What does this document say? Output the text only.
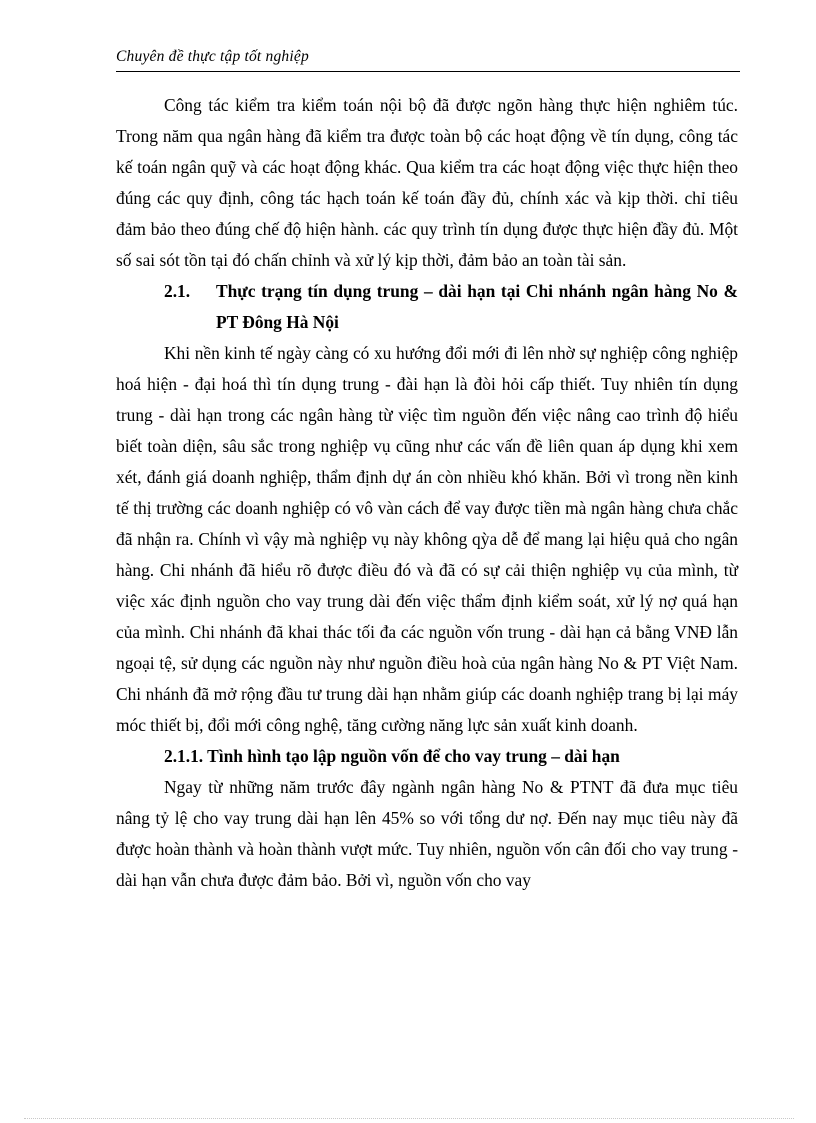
Chuyên đề thực tập tốt nghiệp

Công tác kiểm tra kiểm toán nội bộ đã được ngõn hàng thực hiện nghiêm túc. Trong năm qua ngân hàng đã kiểm tra được toàn bộ các hoạt động về tín dụng, công tác kế toán ngân quỹ và các hoạt động khác. Qua kiểm tra các hoạt động việc thực hiện theo đúng các quy định, công tác hạch toán kế toán đầy đủ, chính xác và kịp thời. chỉ tiêu đảm bảo theo đúng chế độ hiện hành. các quy trình tín dụng được thực hiện đầy đủ. Một số sai sót tồn tại đó chấn chỉnh và xử lý kịp thời, đảm bảo an toàn tài sản.

2.1.	Thực trạng tín dụng trung – dài hạn tại Chi nhánh ngân hàng No & PT Đông Hà Nội

Khi nền kinh tế ngày càng có xu hướng đổi mới đi lên nhờ sự nghiệp công nghiệp hoá hiện - đại hoá thì tín dụng trung - đài hạn là đòi hỏi cấp thiết. Tuy nhiên tín dụng trung - dài hạn trong các ngân hàng từ việc tìm nguồn đến việc nâng cao trình độ hiểu biết toàn diện, sâu sắc trong nghiệp vụ cũng như các vấn đề liên quan áp dụng khi xem xét, đánh giá doanh nghiệp, thẩm định dự án còn nhiều khó khăn. Bởi vì trong nền kinh tế thị trường các doanh nghiệp có vô vàn cách để vay được tiền mà ngân hàng chưa chắc đã nhận ra. Chính vì vậy mà nghiệp vụ này không qỳa dễ để mang lại hiệu quả cho ngân hàng. Chi nhánh đã hiểu rõ được điều đó và đã có sự cải thiện nghiệp vụ của mình, từ việc xác định nguồn cho vay trung dài đến việc thẩm định kiểm soát, xử lý nợ quá hạn của mình. Chi nhánh đã khai thác tối đa các nguồn vốn trung - dài hạn cả bằng VNĐ lẫn ngoại tệ, sử dụng các nguồn này như nguồn điều hoà của ngân hàng No & PT Việt Nam. Chi nhánh đã mở rộng đầu tư trung dài hạn nhằm giúp các doanh nghiệp trang bị lại máy móc thiết bị, đổi mới công nghệ, tăng cường năng lực sản xuất kinh doanh.

2.1.1. Tình hình tạo lập nguồn vốn để cho vay trung – dài hạn

Ngay từ những năm trước đây ngành ngân hàng No & PTNT đã đưa mục tiêu nâng tỷ lệ cho vay trung dài hạn lên 45% so với tổng dư nợ. Đến nay mục tiêu này đã được hoàn thành và hoàn thành vượt mức. Tuy nhiên, nguồn vốn cân đối cho vay trung - dài hạn vẫn chưa được đảm bảo. Bởi vì, nguồn vốn cho vay
